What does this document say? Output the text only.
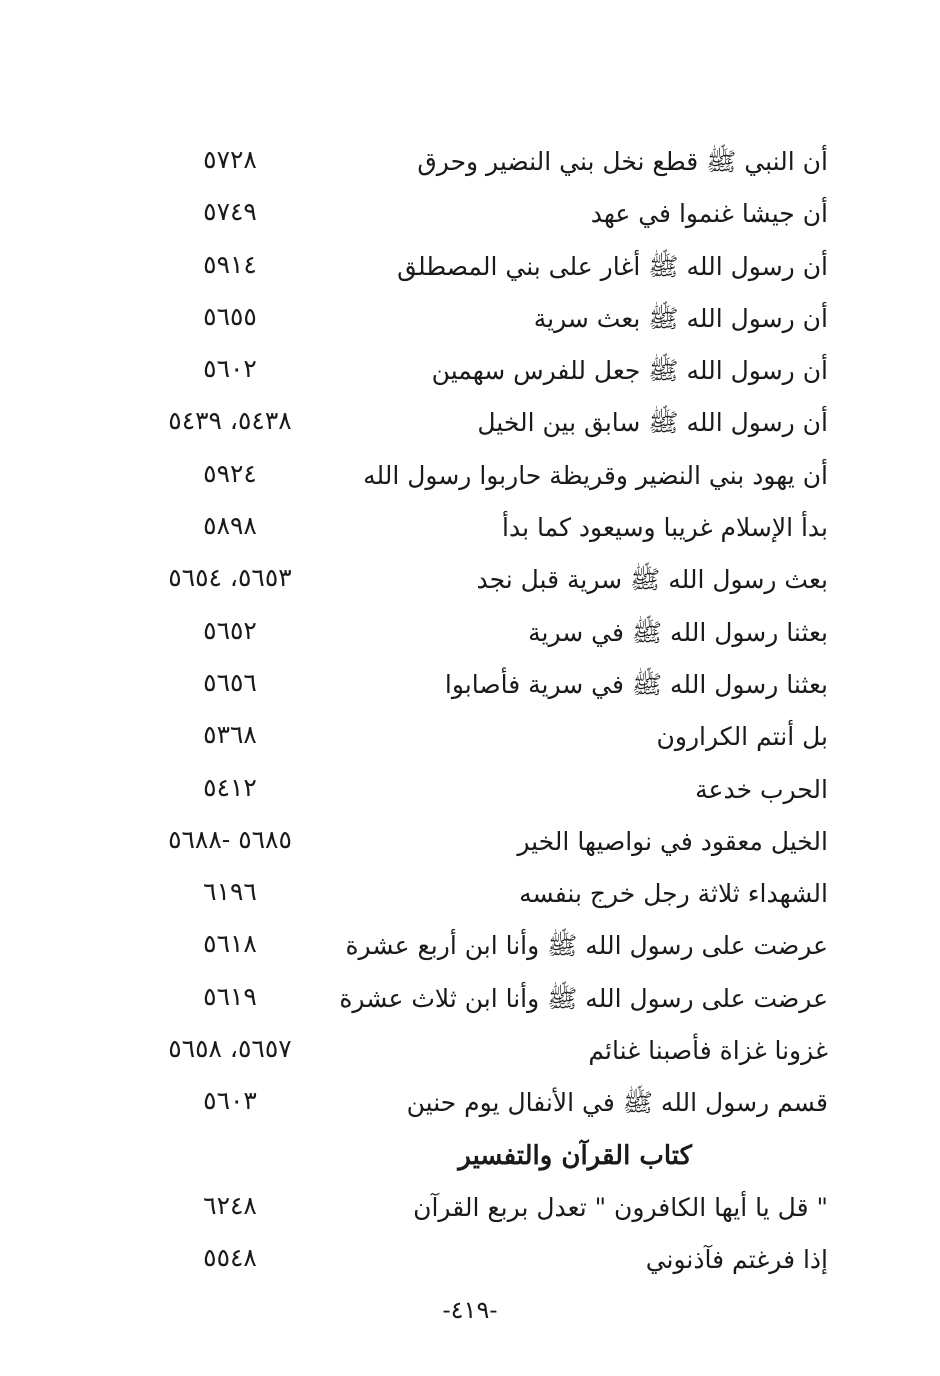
أن النبي ﷺ قطع نخل بني النضير وحرق
٥٧٢٨
أن جيشا غنموا في عهد
٥٧٤٩
أن رسول الله ﷺ أغار على بني المصطلق
٥٩١٤
أن رسول الله ﷺ بعث سرية
٥٦٥٥
أن رسول الله ﷺ جعل للفرس سهمين
٥٦٠٢
أن رسول الله ﷺ سابق بين الخيل
٥٤٣٨، ٥٤٣٩
أن يهود بني النضير وقريظة حاربوا رسول الله
٥٩٢٤
بدأ الإسلام غريبا وسيعود كما بدأ
٥٨٩٨
بعث رسول الله ﷺ سرية قبل نجد
٥٦٥٣، ٥٦٥٤
بعثنا رسول الله ﷺ في سرية
٥٦٥٢
بعثنا رسول الله ﷺ في سرية فأصابوا
٥٦٥٦
بل أنتم الكرارون
٥٣٦٨
الحرب خدعة
٥٤١٢
الخيل معقود في نواصيها الخير
٥٦٨٥ -٥٦٨٨
الشهداء ثلاثة رجل خرج بنفسه
٦١٩٦
عرضت على رسول الله ﷺ وأنا ابن أربع عشرة
٥٦١٨
عرضت على رسول الله ﷺ وأنا ابن ثلاث عشرة
٥٦١٩
غزونا غزاة فأصبنا غنائم
٥٦٥٧، ٥٦٥٨
قسم رسول الله ﷺ في الأنفال يوم حنين
٥٦٠٣
كتاب القرآن والتفسير
" قل يا أيها الكافرون " تعدل بربع القرآن
٦٢٤٨
إذا فرغتم فآذنوني
٥٥٤٨
-٤١٩-
